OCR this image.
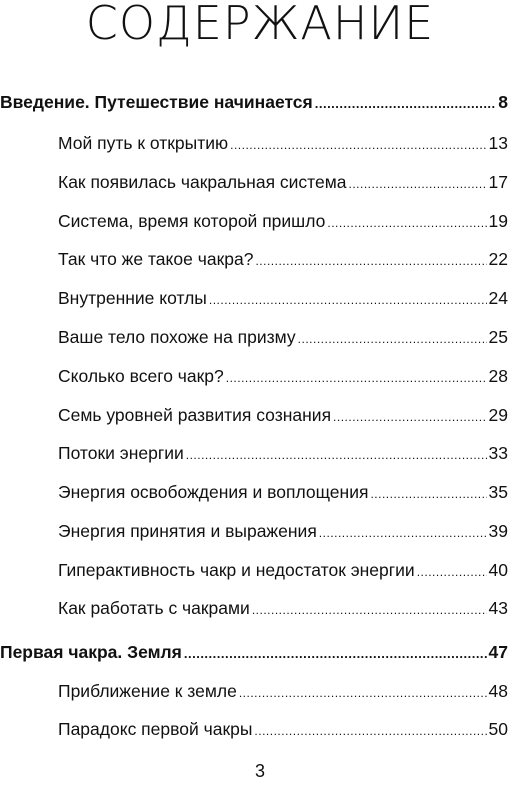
СОДЕРЖАНИЕ
Введение. Путешествие начинается .....	8
Мой путь к открытию .....	13
Как появилась чакральная система .....	17
Система, время которой пришло .....	19
Так что же такое чакра? .....	22
Внутренние котлы .....	24
Ваше тело похоже на призму .....	25
Сколько всего чакр? .....	28
Семь уровней развития сознания .....	29
Потоки энергии .....	33
Энергия освобождения и воплощения .....	35
Энергия принятия и выражения .....	39
Гиперактивность чакр и недостаток энергии .....	40
Как работать с чакрами .....	43
Первая чакра. Земля .....	47
Приближение к земле .....	48
Парадокс первой чакры .....	50
3
